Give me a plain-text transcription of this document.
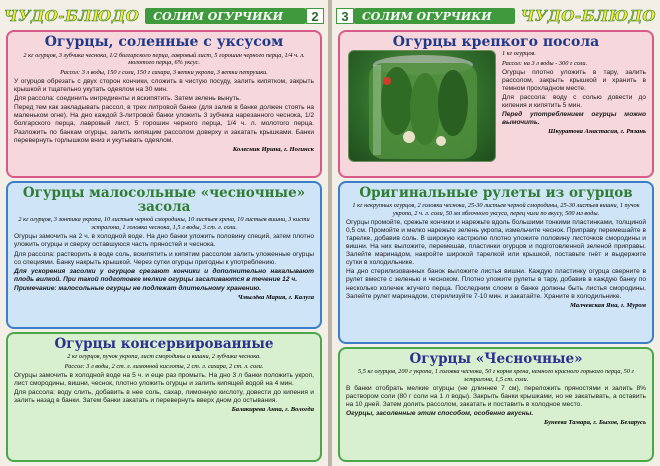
ЧУДО-БЛЮДО	СОЛИМ ОГУРЧИКИ	2
Огурцы, соленные с уксусом
2 кг огурцов, 3 зубчика чеснока, 1/2 болгарского перца, лавровый лист, 5 горошин черного перца, 1/4 ч. л. молотого перца, 6% уксус.
Рассол: 3 л воды, 150 г соли, 150 г сахара, 3 ветки укропа, 3 ветки петрушки.
У огурцов обрезать с двух сторон кончики, сложить в чистую посуду, залить кипятком, закрыть крышкой и тщательно укутать одеялом на 30 мин.
Для рассола: соединить ингредиенты и вскипятить. Затем зелень вынуть.
Перед тем как закладывать рассол, в трех литровой банке (для залив в банке должен стоять на маленьком огне). На дно каждой 3-литровой банки уложить 3 зубчика нарезанного чеснока, 1/2 болгарского перца, лавровый лист, 5 горошин черного перца, 1/4 ч. л. молотого перца. Разложить по банкам огурцы, залить кипящим рассолом доверху и закатать крышками. Банки перевернуть горлышком вниз и укутывать одеялом.
Колесник Ирина, г. Ногинск
Огурцы малосольные «чесночные» засола
2 кг огурцов, 3 зонтика укропа, 10 листьев черной смородины, 10 листьев хрена, 10 листьев вишни, 3 кисти эстрагона, 1 головка чеснока, 1,5 л воды, 3 ст. л. соли.
Огурцы замочить на 2 ч. в холодной воде. На дно банки уложить половину специй, затем плотно уложить огурцы и сверху оставшуюся часть пряностей и чеснока.
Для рассола: растворить в воде соль, вскипятить и кипятим рассолом залить уложенные огурцы со специями. Банку накрыть крышкой. Через сутки огурцы пригодны к употреблению.
Для ускорения засолки у огурцов срезают кончики и дополнительно накалывают плодь вилкой. При такой подготовке мелкие огурцы засаливаются в течение 12 ч.
Примечание: малосольные огурцы не подлежат длительному хранению.
Чмылёва Мария, г. Калуга
Огурцы консервированные
2 кг огурцов, пучок укропа, лист смородины и вишни, 2 зубчика чеснока.
Рассол: 3 л воды, 2 ст. л. лимонной кислоты, 2 ст. л. сахара, 2 ст. л. соли.
Огурцы замочить в холодной воде на 5 ч. и еще раз промыть. На дно 3 л банки положить укроп, лист смородины, вишни, чеснок, плотно уложить огурцы и залить кипящей водой на 4 мин.
Для рассола: воду слить, добавить в нее соль, сахар, лимонную кислоту, довести до кипения и залить назад в банки. Затем банки закатать и перевернуть вверх дном до остывания.
Балакирева Анна, г. Вологда
3	СОЛИМ ОГУРЧИКИ	ЧУДО-БЛЮДО
Огурцы крепкого посола
1 кг огурцов.
Рассол: на 3 л воды - 300 г соли.
Огурцы плотно уложить в тару, залить рассолом, закрыть крышкой и хранить в темном прохладном месте.
Для рассола: воду с солью довести до кипения и кипятить 5 мин.
Перед употреблением огурцы можно вымочить.
Шкуратова Анастасия, г. Рязань
Оригинальные рулеты из огурцов
1 кг некрупных огурцов, 2 головки чеснока, 25-30 листьев черной смородины, 25-30 листьев вишни, 1 пучок укропа, 2 ч. л. соли, 50 мл яблочного уксуса, перец чили по вкусу, 500 мл воды.
Огурцы промойте, срежьте кончики и нарежьте вдоль большими тонкими пластинками, толщиной 0,5 см. Промойте и мелко нарежьте зелень укропа, измельчите чеснок. Приправу перемешайте в тарелке, добавив соль. В широкую кастрюлю плотно уложите половину листочков смородины и вишни. На них выложите, перемешав, пластинки огурцов и подготовленной зеленой приправы. Залейте маринадом, накройте широкой тарелкой или крышкой, поставьте гнёт и выдержите сутки в холодильнике.
На дно стерилизованных банок выложите листья вишни. Каждую пластинку огурца сверните в рулет вместе с зеленью и чесноком. Плотно уложите рулеты в тару, добавив в каждую банку по несколько колечек жгучего перца. Последним слоем в банке должны быть листья смородины. Залейте рулет маринадом, стерилизуйте 7-10 мин. и закатайте. Храните в холодильнике.
Малчевская Яна, г. Муром
Огурцы «Чесночные»
5,5 кг огурцов, 200 г укропа, 1 головка чеснока, 50 г корня хрена, немного красного горького перца, 50 г эстрагона, 1,5 ст. соли.
В банки отобрать мелкие огурцы (не длиннее 7 см), переложить пряностями и залить 8% раствором соли (80 г соли на 1 л воды). Закрыть банки крышками, но не закатывать, а оставить на 10 дней. Затем долить рассолом, закатать и поставить в холодное место.
Огурцы, засоленные этим способом, особенно вкусны.
Бунеева Тамара, г. Быхов, Беларусь
